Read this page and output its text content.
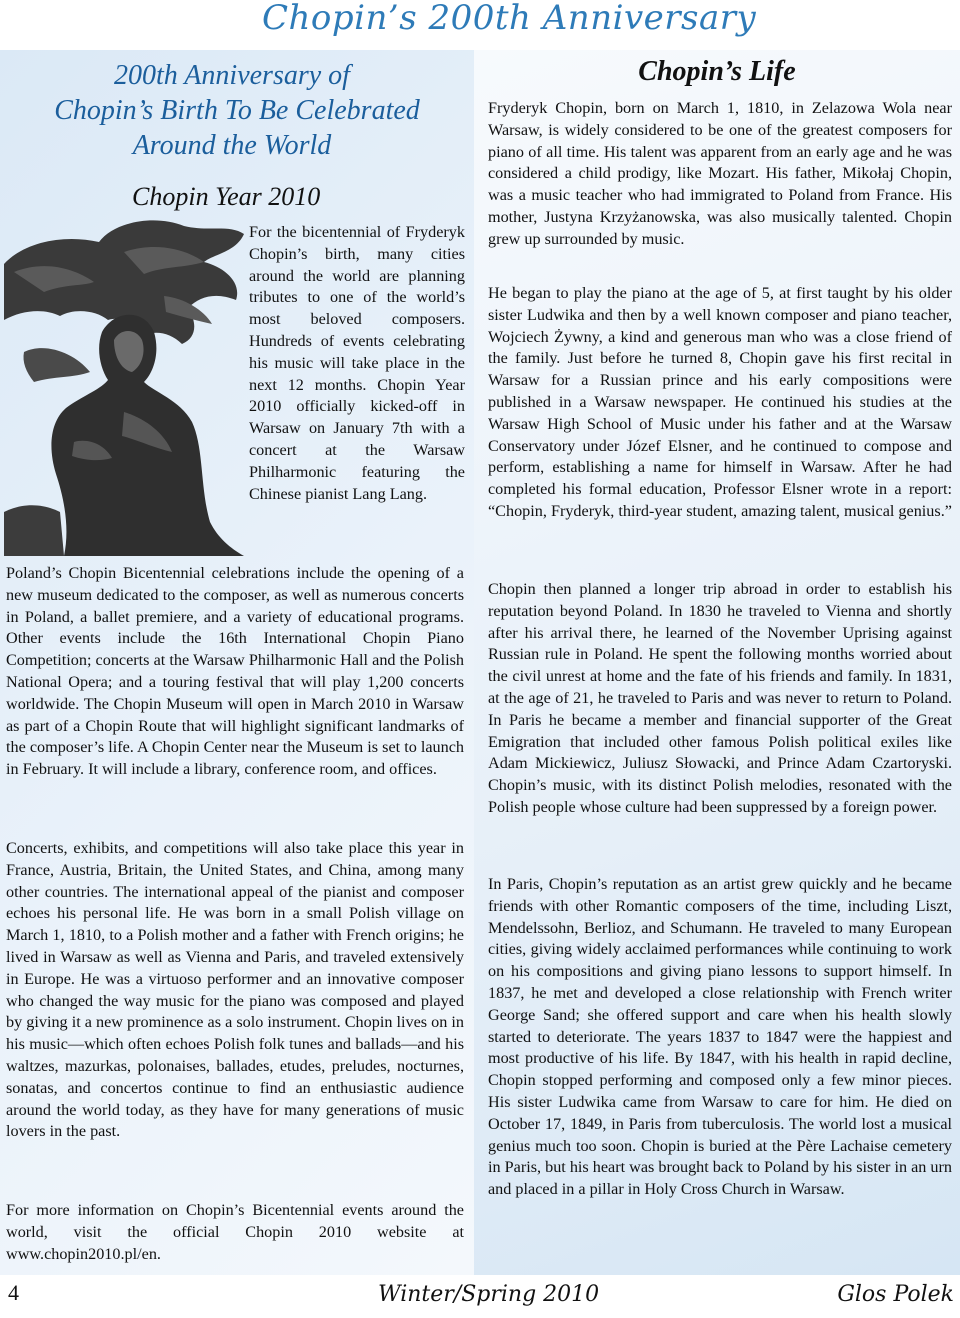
Chopin’s 200th Anniversary
200th Anniversary of
Chopin’s Birth To Be Celebrated
Around the World
Chopin Year 2010
For the bicentennial of Fryderyk Chopin’s birth, many cities around the world are planning tributes to one of the world’s most beloved composers. Hundreds of events celebrating his music will take place in the next 12 months. Chopin Year 2010 officially kicked-off in Warsaw on January 7th with a concert at the Warsaw Philharmonic featuring the Chinese pianist Lang Lang.
Poland’s Chopin Bicentennial celebrations include the opening of a new museum dedicated to the composer, as well as numerous concerts in Poland, a ballet premiere, and a variety of educational programs. Other events include the 16th International Chopin Piano Competition; concerts at the Warsaw Philharmonic Hall and the Polish National Opera; and a touring festival that will play 1,200 concerts worldwide. The Chopin Museum will open in March 2010 in Warsaw as part of a Chopin Route that will highlight significant landmarks of the composer’s life. A Chopin Center near the Museum is set to launch in February. It will include a library, conference room, and offices.
Concerts, exhibits, and competitions will also take place this year in France, Austria, Britain, the United States, and China, among many other countries. The international appeal of the pianist and composer echoes his personal life. He was born in a small Polish village on March 1, 1810, to a Polish mother and a father with French origins; he lived in Warsaw as well as Vienna and Paris, and traveled extensively in Europe. He was a virtuoso performer and an innovative composer who changed the way music for the piano was composed and played by giving it a new prominence as a solo instrument. Chopin lives on in his music—which often echoes Polish folk tunes and ballads—and his waltzes, mazurkas, polonaises, ballades, etudes, preludes, nocturnes, sonatas, and concertos continue to find an enthusiastic audience around the world today, as they have for many generations of music lovers in the past.
For more information on Chopin’s Bicentennial events around the world, visit the official Chopin 2010 website at www.chopin2010.pl/en.
Chopin’s Life
Fryderyk Chopin, born on March 1, 1810, in Zelazowa Wola near Warsaw, is widely considered to be one of the greatest composers for piano of all time. His talent was apparent from an early age and he was considered a child prodigy, like Mozart. His father, Mikołaj Chopin, was a music teacher who had immigrated to Poland from France. His mother, Justyna Krzyżanowska, was also musically talented. Chopin grew up surrounded by music.
He began to play the piano at the age of 5, at first taught by his older sister Ludwika and then by a well known composer and piano teacher, Wojciech Żywny, a kind and generous man who was a close friend of the family. Just before he turned 8, Chopin gave his first recital in Warsaw for a Russian prince and his early compositions were published in a Warsaw newspaper. He continued his studies at the Warsaw High School of Music under his father and at the Warsaw Conservatory under Józef Elsner, and he continued to compose and perform, establishing a name for himself in Warsaw. After he had completed his formal education, Professor Elsner wrote in a report: “Chopin, Fryderyk, third-year student, amazing talent, musical genius.”
Chopin then planned a longer trip abroad in order to establish his reputation beyond Poland. In 1830 he traveled to Vienna and shortly after his arrival there, he learned of the November Uprising against Russian rule in Poland. He spent the following months worried about the civil unrest at home and the fate of his friends and family. In 1831, at the age of 21, he traveled to Paris and was never to return to Poland. In Paris he became a member and financial supporter of the Great Emigration that included other famous Polish political exiles like Adam Mickiewicz, Juliusz Słowacki, and Prince Adam Czartoryski. Chopin’s music, with its distinct Polish melodies, resonated with the Polish people whose culture had been suppressed by a foreign power.
In Paris, Chopin’s reputation as an artist grew quickly and he became friends with other Romantic composers of the time, including Liszt, Mendelssohn, Berlioz, and Schumann. He traveled to many European cities, giving widely acclaimed performances while continuing to work on his compositions and giving piano lessons to support himself. In 1837, he met and developed a close relationship with French writer George Sand; she offered support and care when his health slowly started to deteriorate. The years 1837 to 1847 were the happiest and most productive of his life. By 1847, with his health in rapid decline, Chopin stopped performing and composed only a few minor pieces. His sister Ludwika came from Warsaw to care for him. He died on October 17, 1849, in Paris from tuberculosis. The world lost a musical genius much too soon. Chopin is buried at the Père Lachaise cemetery in Paris, but his heart was brought back to Poland by his sister in an urn and placed in a pillar in Holy Cross Church in Warsaw.
4	Winter/Spring 2010	Glos Polek
